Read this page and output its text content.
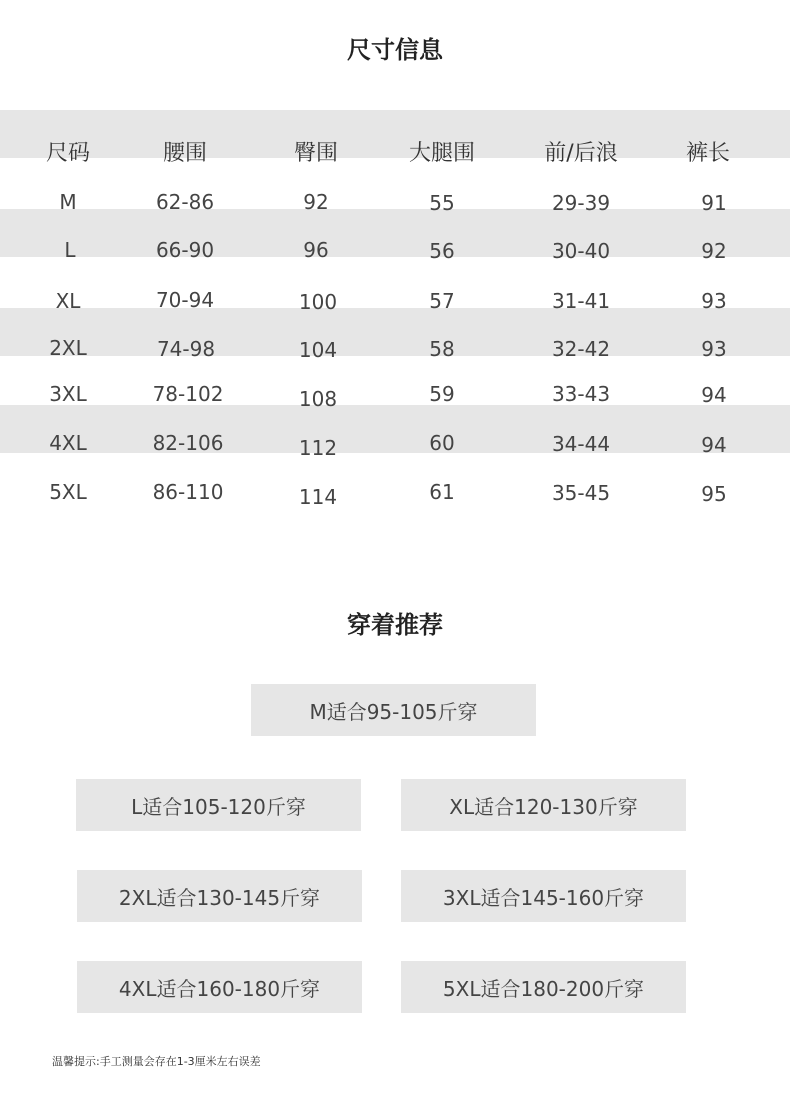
尺寸信息
尺码	腰围	臀围	大腿围	前/后浪	裤长
M	62-86	92	55	29-39	91
L	66-90	96	56	30-40	92
XL	70-94	100	57	31-41	93
2XL	74-98	104	58	32-42	93
3XL	78-102	108	59	33-43	94
4XL	82-106	112	60	34-44	94
5XL	86-110	114	61	35-45	95
穿着推荐
M适合95-105斤穿
L适合105-120斤穿	XL适合120-130斤穿
2XL适合130-145斤穿	3XL适合145-160斤穿
4XL适合160-180斤穿	5XL适合180-200斤穿
温馨提示:手工测量会存在1-3厘米左右误差
